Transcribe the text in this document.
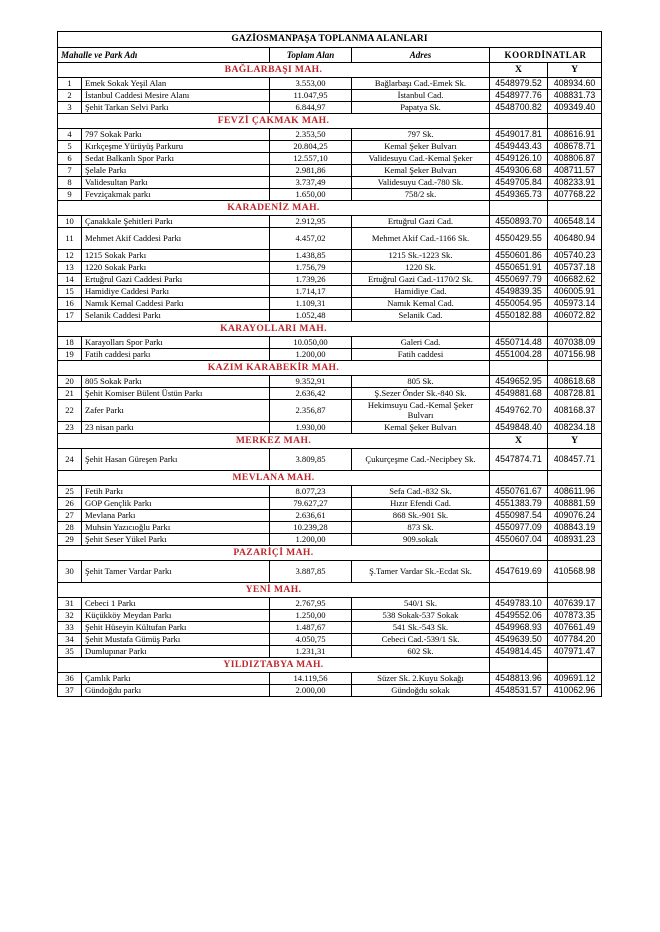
GAZİOSMANPAŞA TOPLANMA ALANLARI					
Mahalle ve Park Adı		Toplam Alan	Adres	KOORDİNATLAR	
BAĞLARBAŞI MAH.				X	Y
1	Emek Sokak Yeşil Alan	3.553,00	Bağlarbaşı Cad.-Emek Sk.	4548979.52	408934.60
2	İstanbul Caddesi Mesire Alanı	11.047,95	İstanbul Cad.	4548977.76	408831.73
3	Şehit Tarkan Selvi Parkı	6.844,97	Papatya Sk.	4548700.82	409349.40
FEVZİ ÇAKMAK MAH.					
4	797 Sokak Parkı	2.353,50	797 Sk.	4549017.81	408616.91
5	Kırkçeşme Yürüyüş Parkuru	20.804,25	Kemal Şeker Bulvarı	4549443.43	408678.71
6	Sedat Balkanlı Spor Parkı	12.557,10	Validesuyu Cad.-Kemal Şeker	4549126.10	408806.87
7	Şelale Parkı	2.981,86	Kemal Şeker Bulvarı	4549306.68	408711.57
8	Validesultan Parkı	3.737,49	Validesuyu Cad.-780 Sk.	4549705.84	408233.91
9	Fevziçakmak parkı	1.650,00	758/2 sk.	4549365.73	407768.22
KARADENİZ MAH.					
10	Çanakkale Şehitleri Parkı	2.912,95	Ertuğrul Gazi Cad.	4550893.70	406548.14
11	Mehmet Akif Caddesi Parkı	4.457,02	Mehmet Akif Cad.-1166 Sk.	4550429.55	406480.94
12	1215 Sokak Parkı	1.438,85	1215 Sk.-1223 Sk.	4550601.86	405740.23
13	1220 Sokak Parkı	1.756,79	1220 Sk.	4550651.91	405737.18
14	Ertuğrul Gazi Caddesi Parkı	1.739,26	Ertuğrul Gazi Cad.-1170/2 Sk.	4550697.79	406682.62
15	Hamidiye Caddesi Parkı	1.714,17	Hamidiye Cad.	4549839.35	406005.91
16	Namık Kemal Caddesi Parkı	1.109,31	Namık Kemal Cad.	4550054.95	405973.14
17	Selanik Caddesi Parkı	1.052,48	Selanik Cad.	4550182.88	406072.82
KARAYOLLARI MAH.					
18	Karayolları Spor Parkı	10.050,00	Galeri Cad.	4550714.48	407038.09
19	Fatih caddesi parkı	1.200,00	Fatih caddesi	4551004.28	407156.98
KAZIM KARABEKİR MAH.					
20	805 Sokak Parkı	9.352,91	805 Sk.	4549652.95	408618.68
21	Şehit Komiser Bülent Üstün Parkı	2.636,42	Ş.Sezer Önder Sk.-840 Sk.	4549881.68	408728.81
22	Zafer Parkı	2.356,87	Hekimsuyu Cad.-Kemal Şeker Bulvarı	4549762.70	408168.37
23	23 nisan parkı	1.930,00	Kemal Şeker Bulvarı	4549848.40	408234.18
MERKEZ MAH.				X	Y
24	Şehit Hasan Güreşen Parkı	3.809,85	Çukurçeşme Cad.-Necipbey Sk.	4547874.71	408457.71
MEVLANA MAH.					
25	Fetih Parkı	8.077,23	Sefa Cad.-832 Sk.	4550761.67	408611.96
26	GOP Gençlik Parkı	79.627,27	Hızır Efendi Cad.	4551383.79	408881.59
27	Mevlana Parkı	2.636,61	868 Sk.-901 Sk.	4550987.54	409076.24
28	Muhsin Yazıcıoğlu Parkı	10.239,28	873 Sk.	4550977.09	408843.19
29	Şehit Seser Yükel Parkı	1.200,00	909.sokak	4550607.04	408931.23
PAZARİÇİ MAH.					
30	Şehit Tamer Vardar Parkı	3.887,85	Ş.Tamer Vardar Sk.-Ecdat Sk.	4547619.69	410568.98
YENİ MAH.					
31	Cebeci 1 Parkı	2.767,95	540/1 Sk.	4549783.10	407639.17
32	Küçükköy Meydan Parkı	1.250,00	538 Sokak-537 Sokak	4549552.06	407873.35
33	Şehit Hüseyin Kültufan Parkı	1.487,67	541 Sk.-543 Sk.	4549968.93	407661.49
34	Şehit Mustafa Gümüş Parkı	4.050,75	Cebeci Cad.-539/1 Sk.	4549639.50	407784.20
35	Dumlupınar Parkı	1.231,31	602 Sk.	4549814.45	407971.47
YILDIZTABYA MAH.					
36	Çamlık Parkı	14.119,56	Süzer Sk. 2.Kuyu Sokağı	4548813.96	409691.12
37	Gündoğdu parkı	2.000,00	Gündoğdu sokak	4548531.57	410062.96
